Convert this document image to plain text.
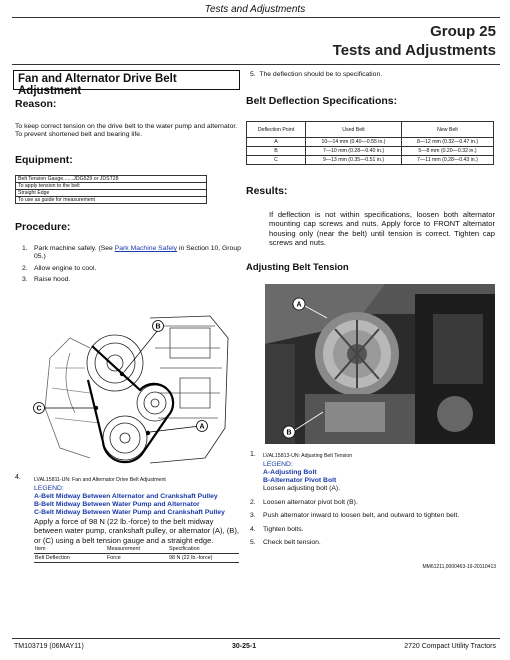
Tests and Adjustments
Group 25
Tests and Adjustments
Fan and Alternator Drive Belt Adjustment
Reason:
To keep correct tension on the drive belt to the water pump and alternator. To prevent shortened belt and bearing life.
Equipment:
Belt Tension Gauge.......JDG529 or JDST28
To apply tension to the belt
Straight Edge
To use as guide for measurement
Procedure:
1. Park machine safely. (See Park Machine Safely in Section 10, Group 05.)
2. Allow engine to cool.
3. Raise hood.
B
A
C
4.	LVAL15811-UN: Fan and Alternator Drive Belt Adjustment
LEGEND:
A-Belt Midway Between Alternator and Crankshaft Pulley
B-Belt Midway Between Water Pump and Alternator
C-Belt Midway Between Water Pump and Crankshaft Pulley
Apply a force of 98 N (22 lb.-force) to the belt midway between water pump, crankshaft pulley, or alternator (A), (B), or (C) using a belt tension gauge and a straight edge.
Item	Measurement	Specification
Belt Deflection	Force	98 N (22 lb.-force)
5. The deflection should be to specification.
Belt Deflection Specifications:
Deflection Point	Used Belt	New Belt
A	10—14 mm (0.40—0.55 in.)	8—12 mm (0.32—0.47 in.)
B	7—10 mm (0.28—0.40 in.)	5—8 mm (0.20—0.32 in.)
C	9—13 mm (0.35—0.51 in.)	7—11 mm (0.28—0.43 in.)
Results:
If deflection is not within specifications, loosen both alternator mounting cap screws and nuts. Apply force to FRONT alternator housing only (near the belt) until tension is correct. Tighten cap screws and nuts.
Adjusting Belt Tension
A
B
1. LVAL15813-UN: Adjusting Belt Tension
LEGEND:
A-Adjusting Bolt
B-Alternator Pivot Bolt
Loosen adjusting bolt (A).
2.	Loosen alternator pivot bolt (B).
3.	Push alternator inward to loosen belt, and outward to tighten belt.
4.	Tighten bolts.
5.	Check belt tension.
MM61211,0000463-19-20110413
TM103719 (06MAY11)	30-25-1	2720 Compact Utility Tractors
